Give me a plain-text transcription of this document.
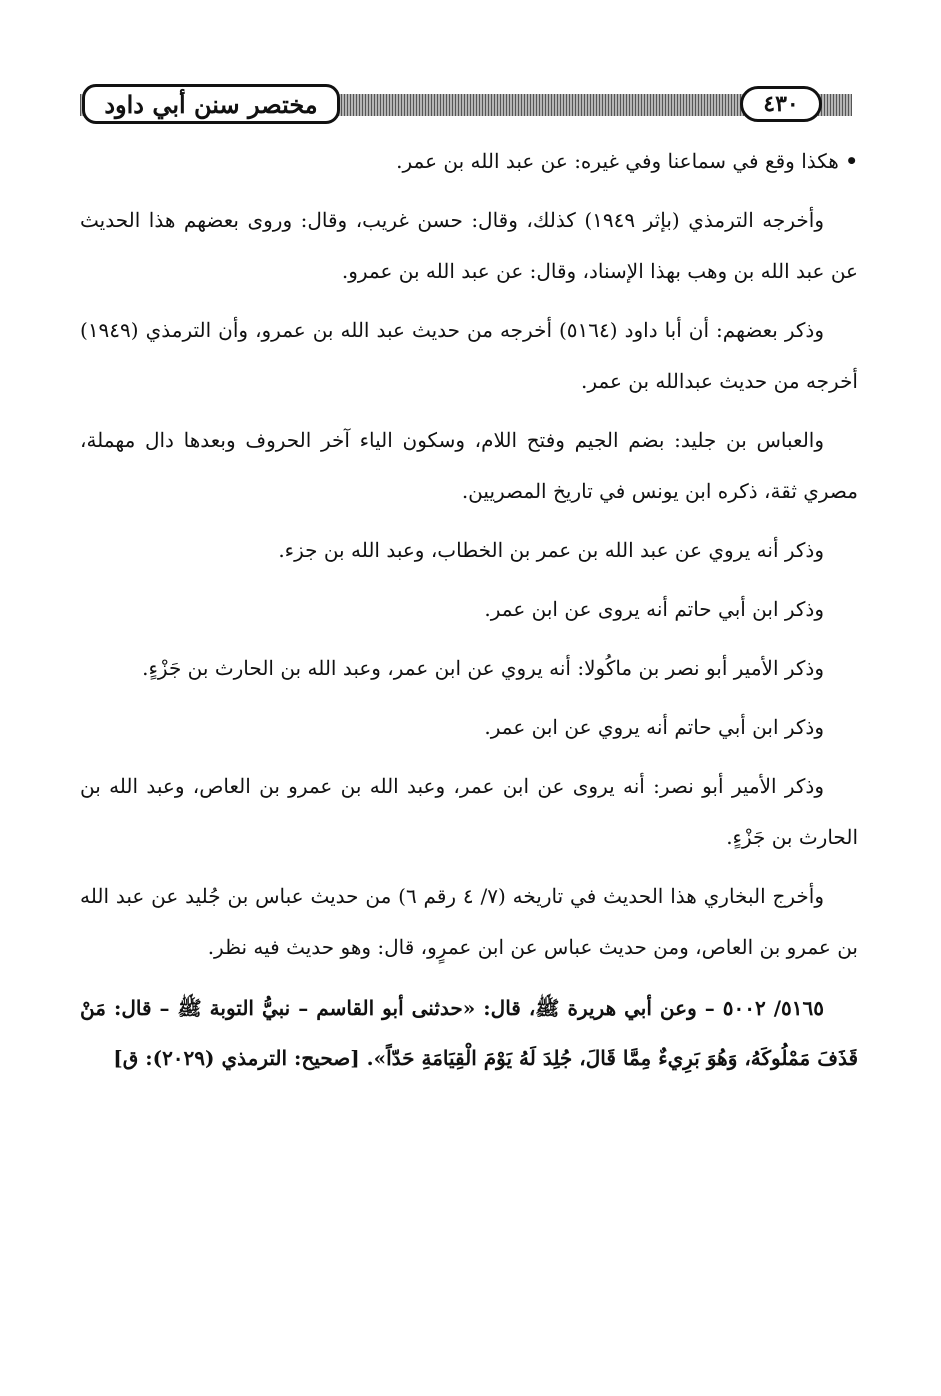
مختصر سنن أبي داود	٤٣٠

• هكذا وقع في سماعنا وفي غيره: عن عبد الله بن عمر.

وأخرجه الترمذي (بإثر ١٩٤٩) كذلك، وقال: حسن غريب، وقال: وروى بعضهم هذا الحديث عن عبد الله بن وهب بهذا الإسناد، وقال: عن عبد الله بن عمرو.

وذكر بعضهم: أن أبا داود (٥١٦٤) أخرجه من حديث عبد الله بن عمرو، وأن الترمذي (١٩٤٩) أخرجه من حديث عبدالله بن عمر.

والعباس بن جليد: بضم الجيم وفتح اللام، وسكون الياء آخر الحروف وبعدها دال مهملة، مصري ثقة، ذكره ابن يونس في تاريخ المصريين.

وذكر أنه يروي عن عبد الله بن عمر بن الخطاب، وعبد الله بن جزء.

وذكر ابن أبي حاتم أنه يروى عن ابن عمر.

وذكر الأمير أبو نصر بن ماكُولا: أنه يروي عن ابن عمر، وعبد الله بن الحارث بن جَزْءٍ.

وذكر ابن أبي حاتم أنه يروي عن ابن عمر.

وذكر الأمير أبو نصر: أنه يروى عن ابن عمر، وعبد الله بن عمرو بن العاص، وعبد الله بن الحارث بن جَزْءٍ.

وأخرج البخاري هذا الحديث في تاريخه (٧/ ٤ رقم ٦) من حديث عباس بن جُليد عن عبد الله بن عمرو بن العاص، ومن حديث عباس عن ابن عمرٍو، قال: وهو حديث فيه نظر.

٥١٦٥/ ٥٠٠٢ – وعن أبي هريرة ﷺ، قال: «حدثنى أبو القاسم – نبيُّ التوبة ﷺ – قال: مَنْ قَذَفَ مَمْلُوكَهُ، وَهُوَ بَرِيءٌ مِمَّا قَالَ، جُلِدَ لَهُ يَوْمَ الْقِيَامَةِ حَدّاً». [صحيح: الترمذي (٢٠٢٩): ق]
